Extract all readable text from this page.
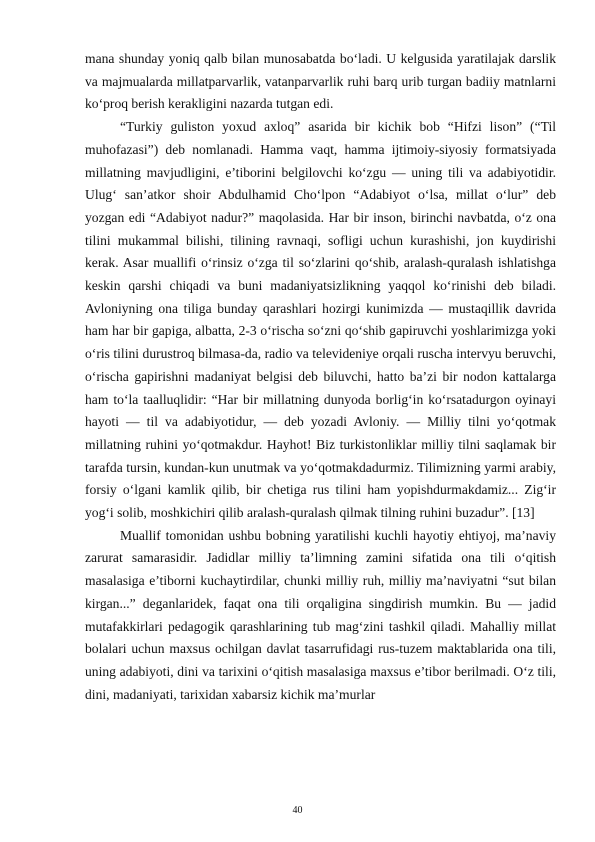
mana shunday yoniq qalb bilan munosabatda bo‘ladi. U kelgusida yaratilajak darslik va majmualarda millatparvarlik, vatanparvarlik ruhi barq urib turgan badiiy matnlarni ko‘proq berish kerakligini nazarda tutgan edi.

“Turkiy guliston yoxud axloq” asarida bir kichik bob “Hifzi lison” (“Til muhofazasi”) deb nomlanadi. Hamma vaqt, hamma ijtimoiy-siyosiy formatsiyada millatning mavjudligini, e’tiborini belgilovchi ko‘zgu — uning tili va adabiyotidir. Ulug‘ san’atkor shoir Abdulhamid Cho‘lpon “Adabiyot o‘lsa, millat o‘lur” deb yozgan edi “Adabiyot nadur?” maqolasida. Har bir inson, birinchi navbatda, o‘z ona tilini mukammal bilishi, tilining ravnaqi, sofligi uchun kurashishi, jon kuydirishi kerak. Asar muallifi o‘rinsiz o‘zga til so‘zlarini qo‘shib, aralash-quralash ishlatishga keskin qarshi chiqadi va buni madaniyatsizlikning yaqqol ko‘rinishi deb biladi. Avloniyning ona tiliga bunday qarashlari hozirgi kunimizda — mustaqillik davrida ham har bir gapiga, albatta, 2-3 o‘rischa so‘zni qo‘shib gapiruvchi yoshlarimizga yoki o‘ris tilini durustroq bilmasa-da, radio va televideniye orqali ruscha intervyu beruvchi, o‘rischa gapirishni madaniyat belgisi deb biluvchi, hatto ba’zi bir nodon kattalarga ham to‘la taalluqlidir: “Har bir millatning dunyoda borlig‘in ko‘rsatadurgon oyinayi hayoti — til va adabiyotidur, — deb yozadi Avloniy. — Milliy tilni yo‘qotmak millatning ruhini yo‘qotmakdur. Hayhot! Biz turkistonliklar milliy tilni saqlamak bir tarafda tursin, kundan-kun unutmak va yo‘qotmakdadurmiz. Tilimizning yarmi arabiy, forsiy o‘lgani kamlik qilib, bir chetiga rus tilini ham yopishdurmakdamiz... Zig‘ir yog‘i solib, moshkichiri qilib aralash-quralash qilmak tilning ruhini buzadur”. [13]

Muallif tomonidan ushbu bobning yaratilishi kuchli hayotiy ehtiyoj, ma’naviy zarurat samarasidir. Jadidlar milliy ta’limning zamini sifatida ona tili o‘qitish masalasiga e’tiborni kuchaytirdilar, chunki milliy ruh, milliy ma’naviyatni “sut bilan kirgan...” deganlaridek, faqat ona tili orqaligina singdirish mumkin. Bu — jadid mutafakkirlari pedagogik qarashlarining tub mag‘zini tashkil qiladi. Mahalliy millat bolalari uchun maxsus ochilgan davlat tasarrufidagi rus-tuzem maktablarida ona tili, uning adabiyoti, dini va tarixini o‘qitish masalasiga maxsus e’tibor berilmadi. O‘z tili, dini, madaniyati, tarixidan xabarsiz kichik ma’murlar

40
